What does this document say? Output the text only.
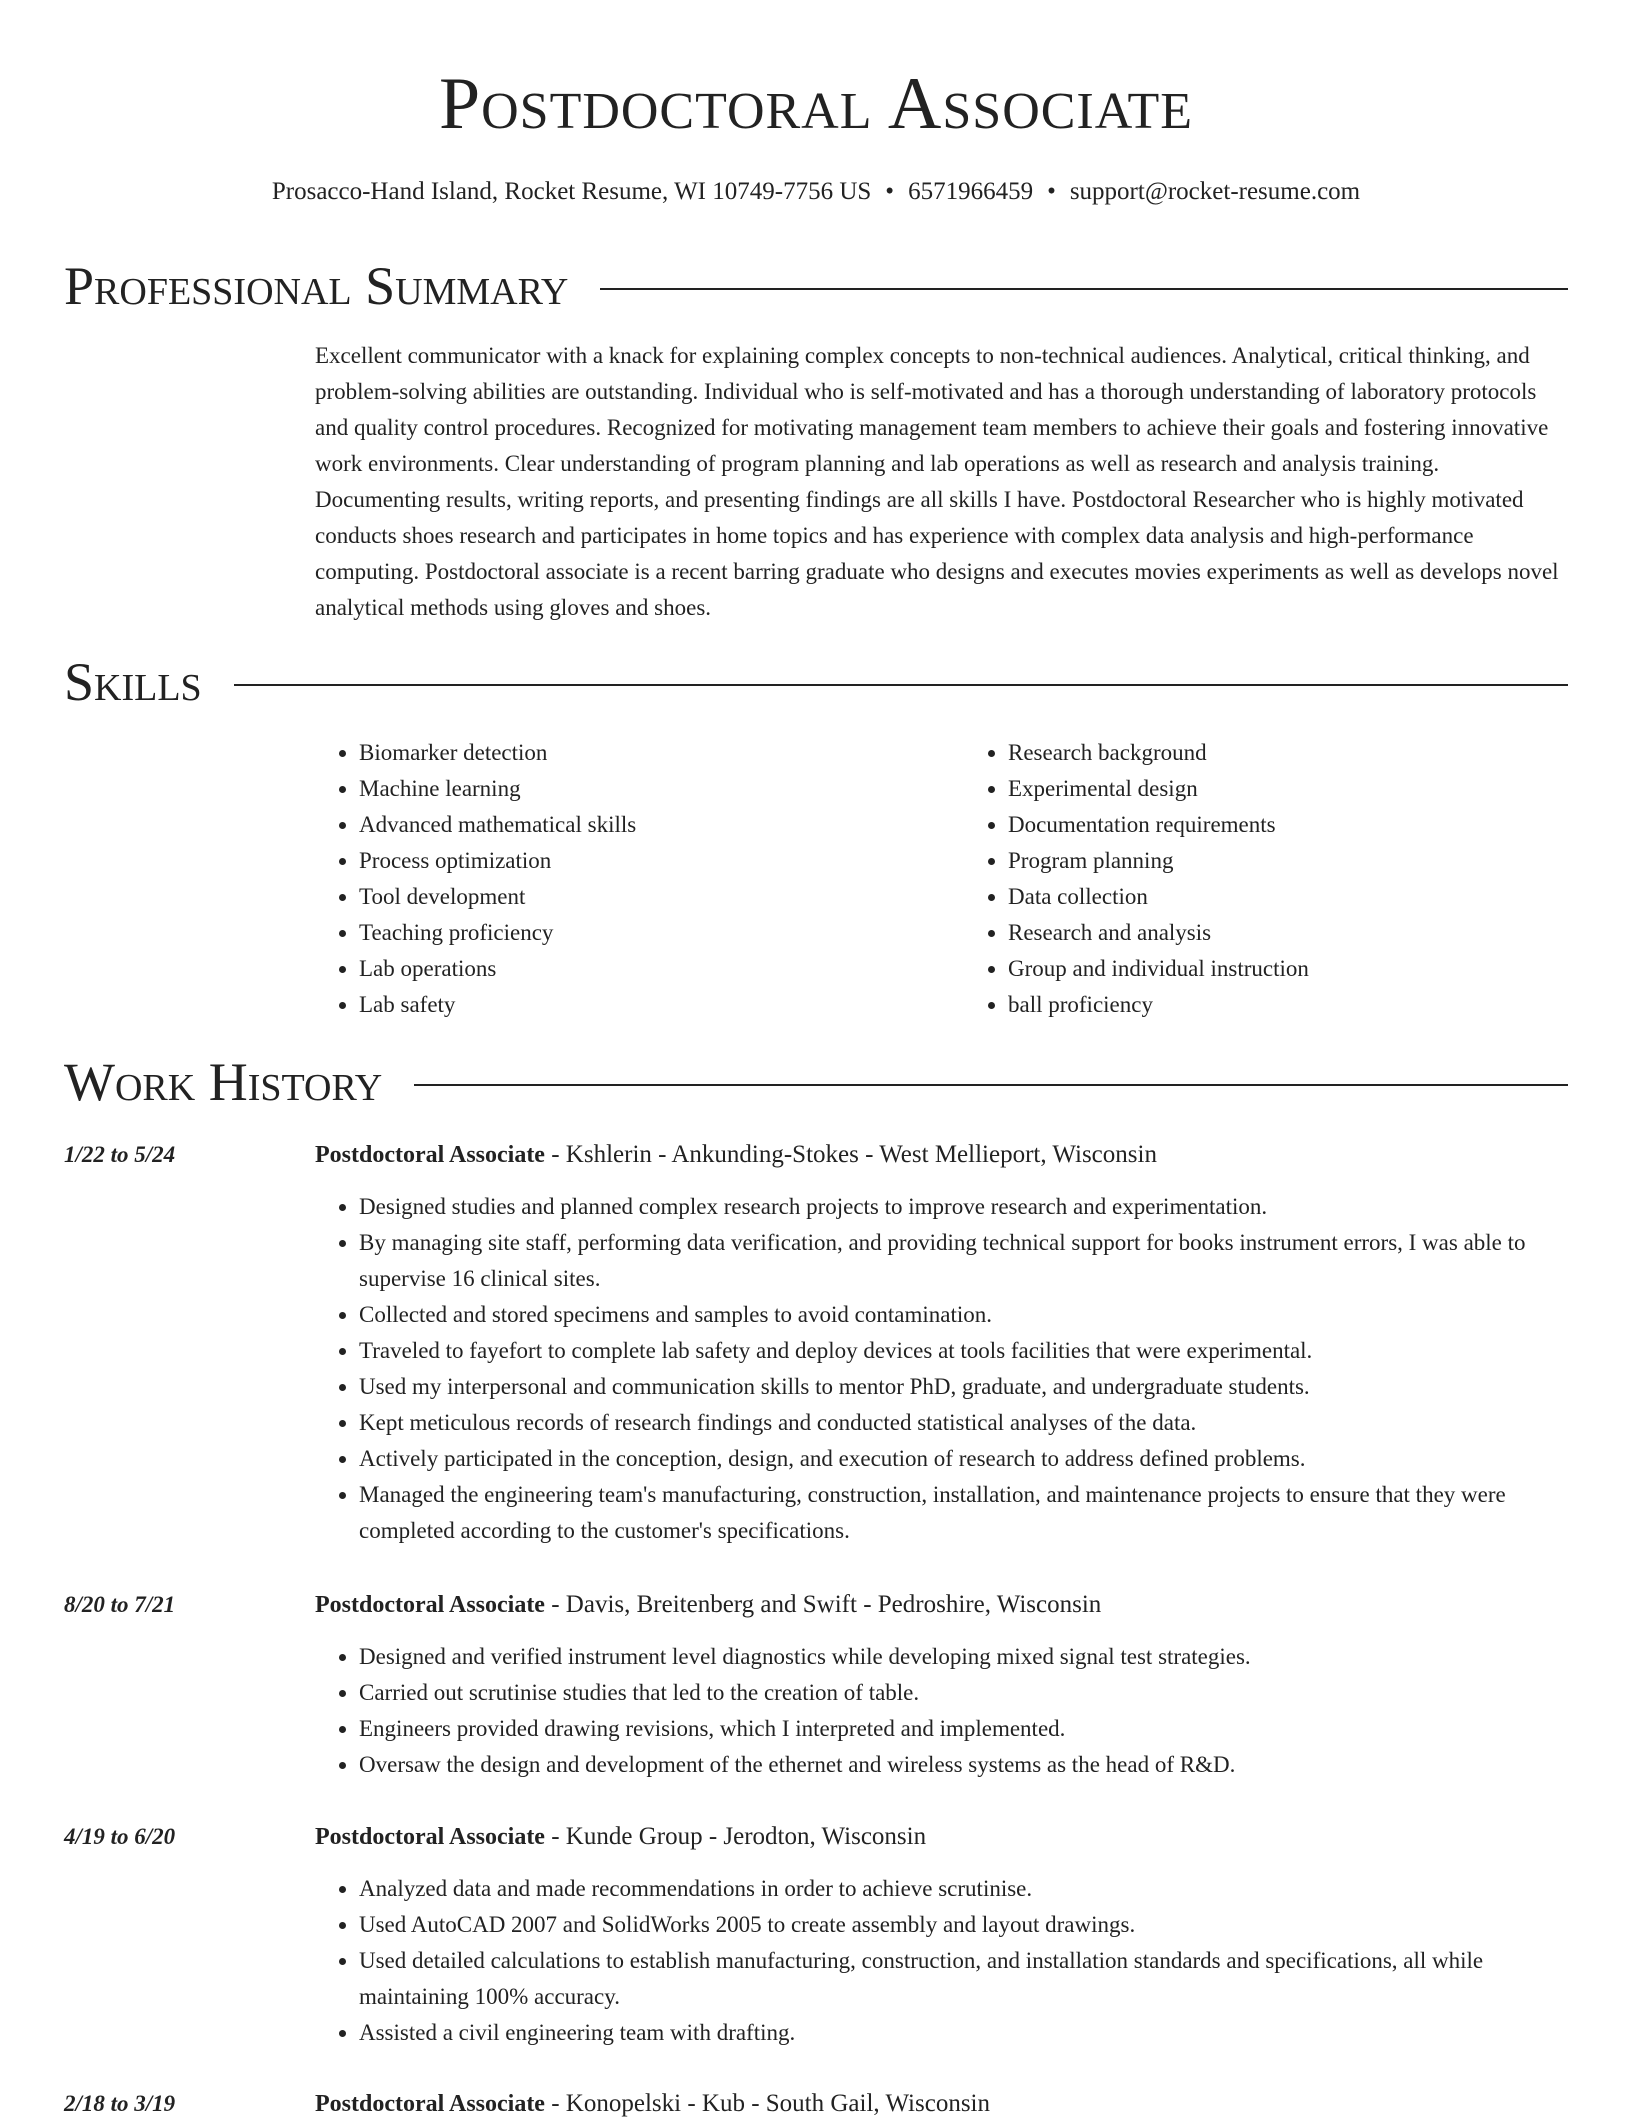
Postdoctoral Associate
Prosacco-Hand Island, Rocket Resume, WI 10749-7756 US • 6571966459 • support@rocket-resume.com
Professional Summary

Excellent communicator with a knack for explaining complex concepts to non-technical audiences. Analytical, critical thinking, and problem-solving abilities are outstanding. Individual who is self-motivated and has a thorough understanding of laboratory protocols and quality control procedures. Recognized for motivating management team members to achieve their goals and fostering innovative work environments. Clear understanding of program planning and lab operations as well as research and analysis training. Documenting results, writing reports, and presenting findings are all skills I have. Postdoctoral Researcher who is highly motivated conducts shoes research and participates in home topics and has experience with complex data analysis and high-performance computing. Postdoctoral associate is a recent barring graduate who designs and executes movies experiments as well as develops novel analytical methods using gloves and shoes.

Skills
• Biomarker detection
• Machine learning
• Advanced mathematical skills
• Process optimization
• Tool development
• Teaching proficiency
• Lab operations
• Lab safety
• Research background
• Experimental design
• Documentation requirements
• Program planning
• Data collection
• Research and analysis
• Group and individual instruction
• ball proficiency
Work History
1/22 to 5/24	Postdoctoral Associate - Kshlerin - Ankunding-Stokes - West Mellieport, Wisconsin

• Designed studies and planned complex research projects to improve research and experimentation.
• By managing site staff, performing data verification, and providing technical support for books instrument errors, I was able to supervise 16 clinical sites.
• Collected and stored specimens and samples to avoid contamination.
• Traveled to fayefort to complete lab safety and deploy devices at tools facilities that were experimental.
• Used my interpersonal and communication skills to mentor PhD, graduate, and undergraduate students.
• Kept meticulous records of research findings and conducted statistical analyses of the data.
• Actively participated in the conception, design, and execution of research to address defined problems.
• Managed the engineering team's manufacturing, construction, installation, and maintenance projects to ensure that they were completed according to the customer's specifications.
8/20 to 7/21	Postdoctoral Associate - Davis, Breitenberg and Swift - Pedroshire, Wisconsin

• Designed and verified instrument level diagnostics while developing mixed signal test strategies.
• Carried out scrutinise studies that led to the creation of table.
• Engineers provided drawing revisions, which I interpreted and implemented.
• Oversaw the design and development of the ethernet and wireless systems as the head of R&D.
4/19 to 6/20	Postdoctoral Associate - Kunde Group - Jerodton, Wisconsin

• Analyzed data and made recommendations in order to achieve scrutinise.
• Used AutoCAD 2007 and SolidWorks 2005 to create assembly and layout drawings.
• Used detailed calculations to establish manufacturing, construction, and installation standards and specifications, all while maintaining 100% accuracy.
• Assisted a civil engineering team with drafting.
2/18 to 3/19	Postdoctoral Associate - Konopelski - Kub - South Gail, Wisconsin
